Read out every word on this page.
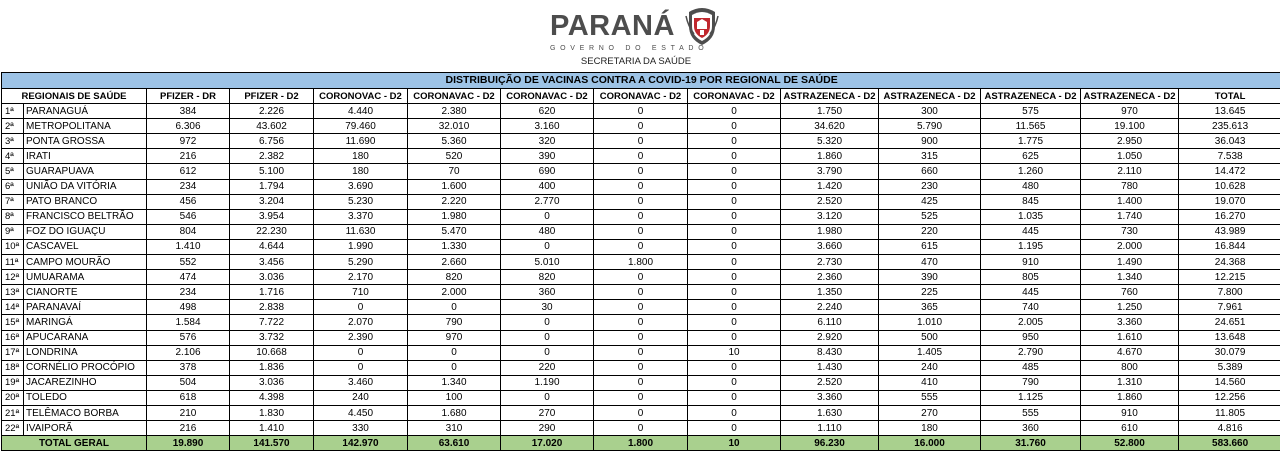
PARANÁ
GOVERNO DO ESTADO
SECRETARIA DA SAÚDE
DISTRIBUIÇÃO DE VACINAS CONTRA A COVID-19 POR REGIONAL DE SAÚDE													
REGIONAIS DE SAÚDE		PFIZER - DR	PFIZER - D2	CORONOVAC - D2	CORONAVAC - D2	CORONAVAC - D2	CORONAVAC - D2	CORONAVAC - D2	ASTRAZENECA - D2	ASTRAZENECA - D2	ASTRAZENECA - D2	ASTRAZENECA - D2	TOTAL
1ª	PARANAGUÁ	384	2.226	4.440	2.380	620	0	0	1.750	300	575	970	13.645
2ª	METROPOLITANA	6.306	43.602	79.460	32.010	3.160	0	0	34.620	5.790	11.565	19.100	235.613
3ª	PONTA GROSSA	972	6.756	11.690	5.360	320	0	0	5.320	900	1.775	2.950	36.043
4ª	IRATI	216	2.382	180	520	390	0	0	1.860	315	625	1.050	7.538
5ª	GUARAPUAVA	612	5.100	180	70	690	0	0	3.790	660	1.260	2.110	14.472
6ª	UNIÃO DA VITÓRIA	234	1.794	3.690	1.600	400	0	0	1.420	230	480	780	10.628
7ª	PATO BRANCO	456	3.204	5.230	2.220	2.770	0	0	2.520	425	845	1.400	19.070
8ª	FRANCISCO BELTRÃO	546	3.954	3.370	1.980	0	0	0	3.120	525	1.035	1.740	16.270
9ª	FOZ DO IGUAÇU	804	22.230	11.630	5.470	480	0	0	1.980	220	445	730	43.989
10ª	CASCAVEL	1.410	4.644	1.990	1.330	0	0	0	3.660	615	1.195	2.000	16.844
11ª	CAMPO MOURÃO	552	3.456	5.290	2.660	5.010	1.800	0	2.730	470	910	1.490	24.368
12ª	UMUARAMA	474	3.036	2.170	820	820	0	0	2.360	390	805	1.340	12.215
13ª	CIANORTE	234	1.716	710	2.000	360	0	0	1.350	225	445	760	7.800
14ª	PARANAVAÍ	498	2.838	0	0	30	0	0	2.240	365	740	1.250	7.961
15ª	MARINGÁ	1.584	7.722	2.070	790	0	0	0	6.110	1.010	2.005	3.360	24.651
16ª	APUCARANA	576	3.732	2.390	970	0	0	0	2.920	500	950	1.610	13.648
17ª	LONDRINA	2.106	10.668	0	0	0	0	10	8.430	1.405	2.790	4.670	30.079
18ª	CORNÉLIO PROCÓPIO	378	1.836	0	0	220	0	0	1.430	240	485	800	5.389
19ª	JACAREZINHO	504	3.036	3.460	1.340	1.190	0	0	2.520	410	790	1.310	14.560
20ª	TOLEDO	618	4.398	240	100	0	0	0	3.360	555	1.125	1.860	12.256
21ª	TELÊMACO BORBA	210	1.830	4.450	1.680	270	0	0	1.630	270	555	910	11.805
22ª	IVAIPORÃ	216	1.410	330	310	290	0	0	1.110	180	360	610	4.816
TOTAL GERAL		19.890	141.570	142.970	63.610	17.020	1.800	10	96.230	16.000	31.760	52.800	583.660
